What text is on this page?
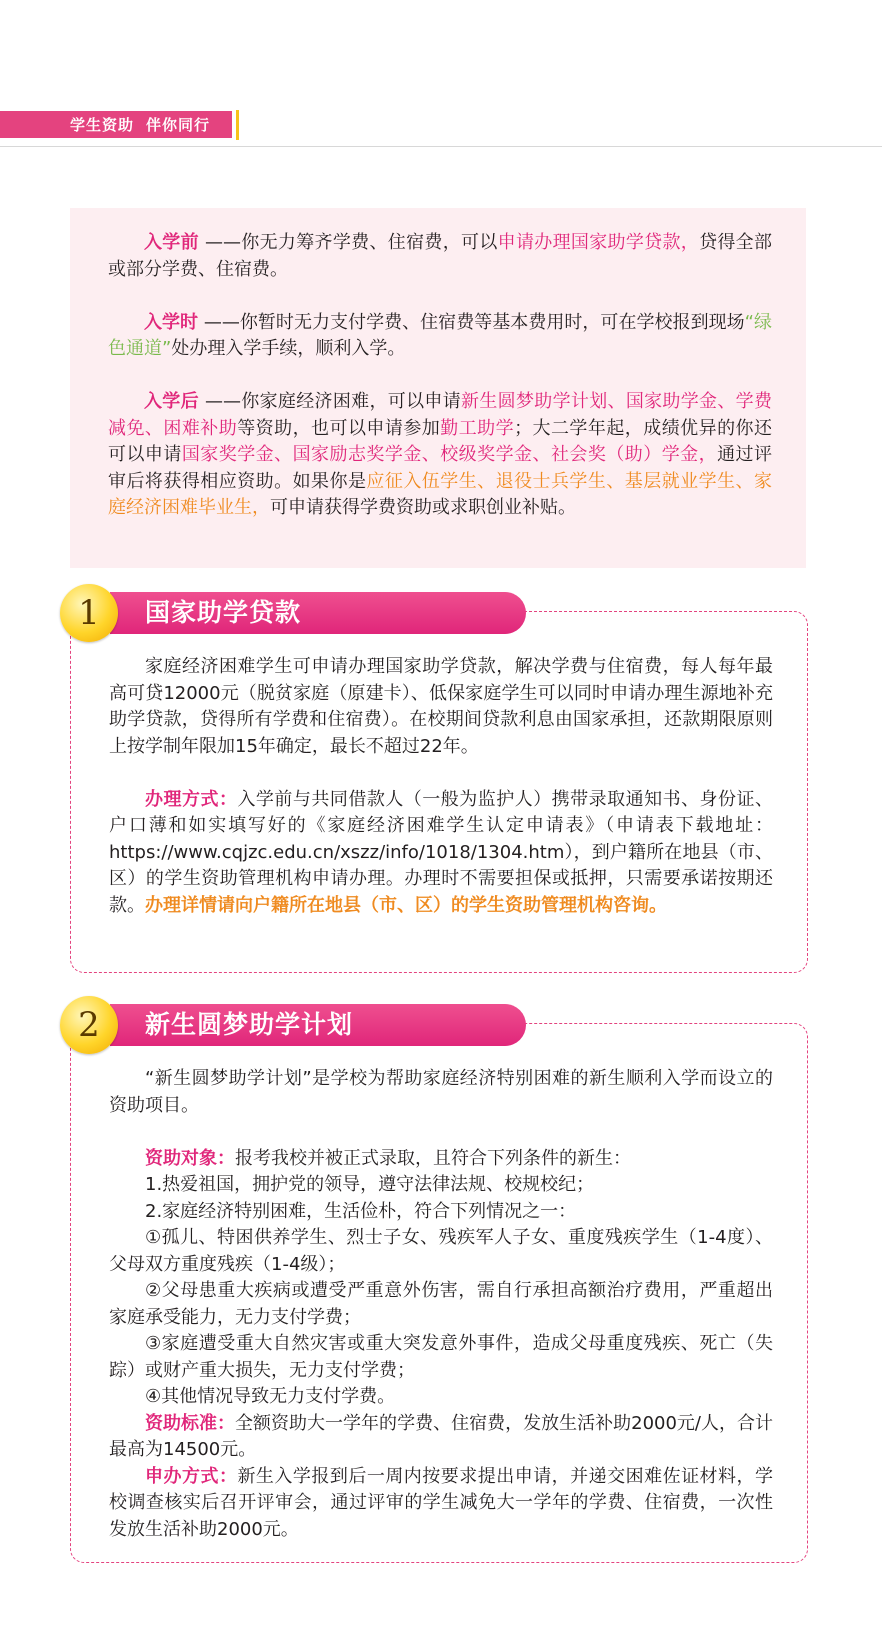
学生资助 伴你同行

入学前 ——你无力筹齐学费、住宿费，可以申请办理国家助学贷款，贷得全部或部分学费、住宿费。

入学时 ——你暂时无力支付学费、住宿费等基本费用时，可在学校报到现场“绿色通道”处办理入学手续，顺利入学。

入学后 ——你家庭经济困难，可以申请新生圆梦助学计划、国家助学金、学费减免、困难补助等资助，也可以申请参加勤工助学；大二学年起，成绩优异的你还可以申请国家奖学金、国家励志奖学金、校级奖学金、社会奖（助）学金，通过评审后将获得相应资助。如果你是应征入伍学生、退役士兵学生、基层就业学生、家庭经济困难毕业生，可申请获得学费资助或求职创业补贴。

家庭经济困难学生可申请办理国家助学贷款，解决学费与住宿费，每人每年最高可贷12000元（脱贫家庭（原建卡）、低保家庭学生可以同时申请办理生源地补充助学贷款，贷得所有学费和住宿费）。在校期间贷款利息由国家承担，还款期限原则上按学制年限加15年确定，最长不超过22年。

办理方式：入学前与共同借款人（一般为监护人）携带录取通知书、身份证、户口薄和如实填写好的《家庭经济困难学生认定申请表》（申请表下载地址：https://www.cqjzc.edu.cn/xszz/info/1018/1304.htm），到户籍所在地县（市、区）的学生资助管理机构申请办理。办理时不需要担保或抵押，只需要承诺按期还款。办理详情请向户籍所在地县（市、区）的学生资助管理机构咨询。

国家助学贷款
1

“新生圆梦助学计划”是学校为帮助家庭经济特别困难的新生顺利入学而设立的资助项目。

资助对象：报考我校并被正式录取，且符合下列条件的新生：

1.热爱祖国，拥护党的领导，遵守法律法规、校规校纪；

2.家庭经济特别困难，生活俭朴，符合下列情况之一：

①孤儿、特困供养学生、烈士子女、残疾军人子女、重度残疾学生（1-4度）、父母双方重度残疾（1-4级）；

②父母患重大疾病或遭受严重意外伤害，需自行承担高额治疗费用，严重超出家庭承受能力，无力支付学费；

③家庭遭受重大自然灾害或重大突发意外事件，造成父母重度残疾、死亡（失踪）或财产重大损失，无力支付学费；

④其他情况导致无力支付学费。

资助标准：全额资助大一学年的学费、住宿费，发放生活补助2000元/人，合计最高为14500元。

申办方式：新生入学报到后一周内按要求提出申请，并递交困难佐证材料，学校调查核实后召开评审会，通过评审的学生减免大一学年的学费、住宿费，一次性发放生活补助2000元。

新生圆梦助学计划
2
